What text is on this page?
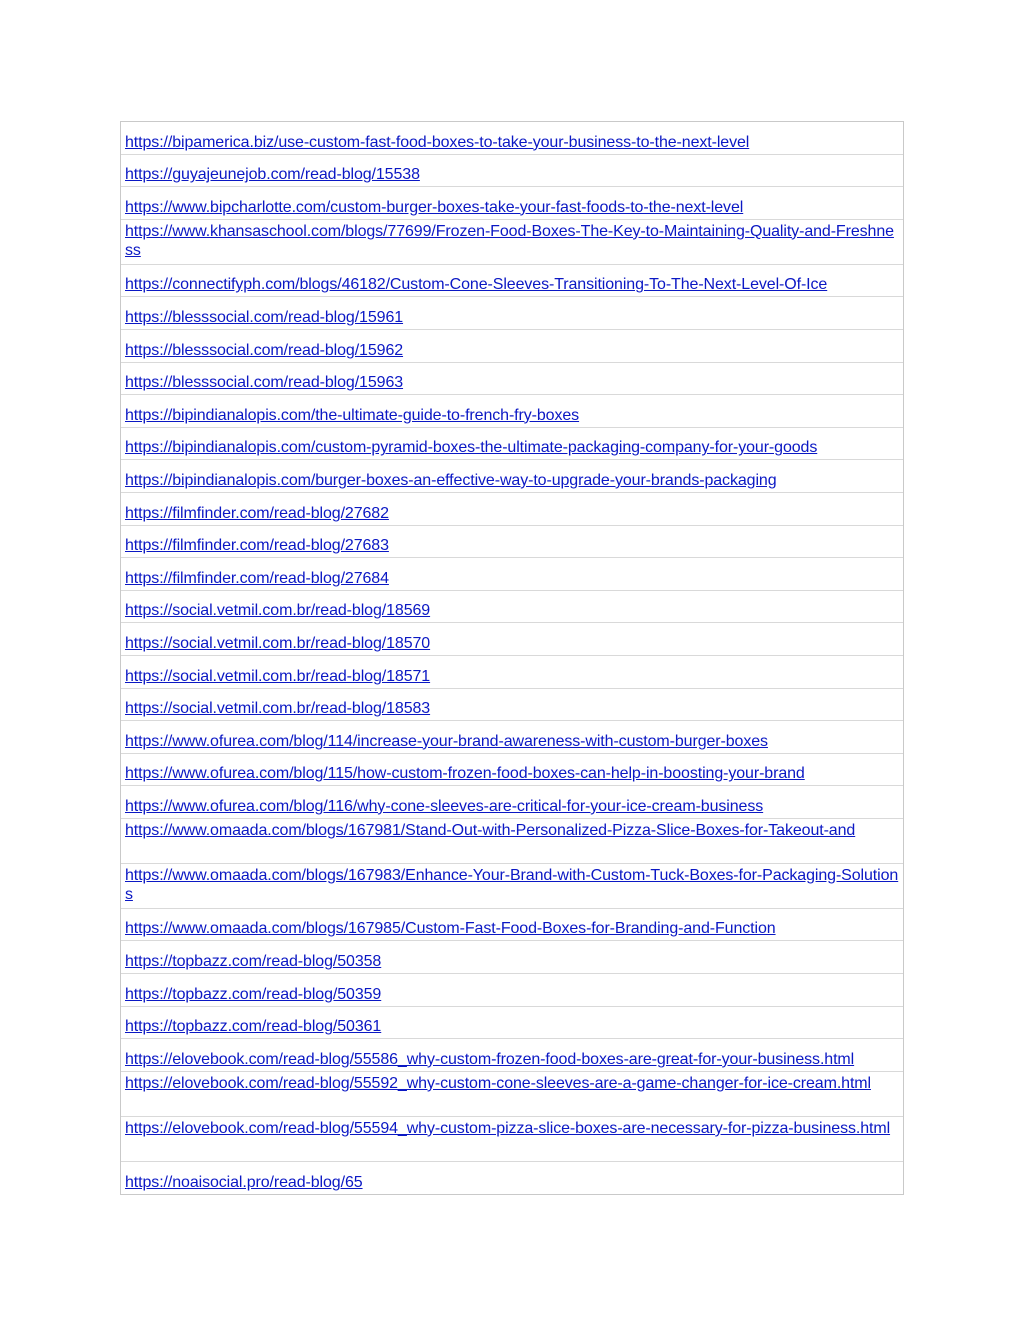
https://bipamerica.biz/use-custom-fast-food-boxes-to-take-your-business-to-the-next-level
https://guyajeunejob.com/read-blog/15538
https://www.bipcharlotte.com/custom-burger-boxes-take-your-fast-foods-to-the-next-level
https://www.khansaschool.com/blogs/77699/Frozen-Food-Boxes-The-Key-to-Maintaining-Quality-and-Freshness
https://connectifyph.com/blogs/46182/Custom-Cone-Sleeves-Transitioning-To-The-Next-Level-Of-Ice
https://blesssocial.com/read-blog/15961
https://blesssocial.com/read-blog/15962
https://blesssocial.com/read-blog/15963
https://bipindianalopis.com/the-ultimate-guide-to-french-fry-boxes
https://bipindianalopis.com/custom-pyramid-boxes-the-ultimate-packaging-company-for-your-goods
https://bipindianalopis.com/burger-boxes-an-effective-way-to-upgrade-your-brands-packaging
https://filmfinder.com/read-blog/27682
https://filmfinder.com/read-blog/27683
https://filmfinder.com/read-blog/27684
https://social.vetmil.com.br/read-blog/18569
https://social.vetmil.com.br/read-blog/18570
https://social.vetmil.com.br/read-blog/18571
https://social.vetmil.com.br/read-blog/18583
https://www.ofurea.com/blog/114/increase-your-brand-awareness-with-custom-burger-boxes
https://www.ofurea.com/blog/115/how-custom-frozen-food-boxes-can-help-in-boosting-your-brand
https://www.ofurea.com/blog/116/why-cone-sleeves-are-critical-for-your-ice-cream-business
https://www.omaada.com/blogs/167981/Stand-Out-with-Personalized-Pizza-Slice-Boxes-for-Takeout-and
https://www.omaada.com/blogs/167983/Enhance-Your-Brand-with-Custom-Tuck-Boxes-for-Packaging-Solutions
https://www.omaada.com/blogs/167985/Custom-Fast-Food-Boxes-for-Branding-and-Function
https://topbazz.com/read-blog/50358
https://topbazz.com/read-blog/50359
https://topbazz.com/read-blog/50361
https://elovebook.com/read-blog/55586_why-custom-frozen-food-boxes-are-great-for-your-business.html
https://elovebook.com/read-blog/55592_why-custom-cone-sleeves-are-a-game-changer-for-ice-cream.html
https://elovebook.com/read-blog/55594_why-custom-pizza-slice-boxes-are-necessary-for-pizza-business.html
https://noaisocial.pro/read-blog/65
